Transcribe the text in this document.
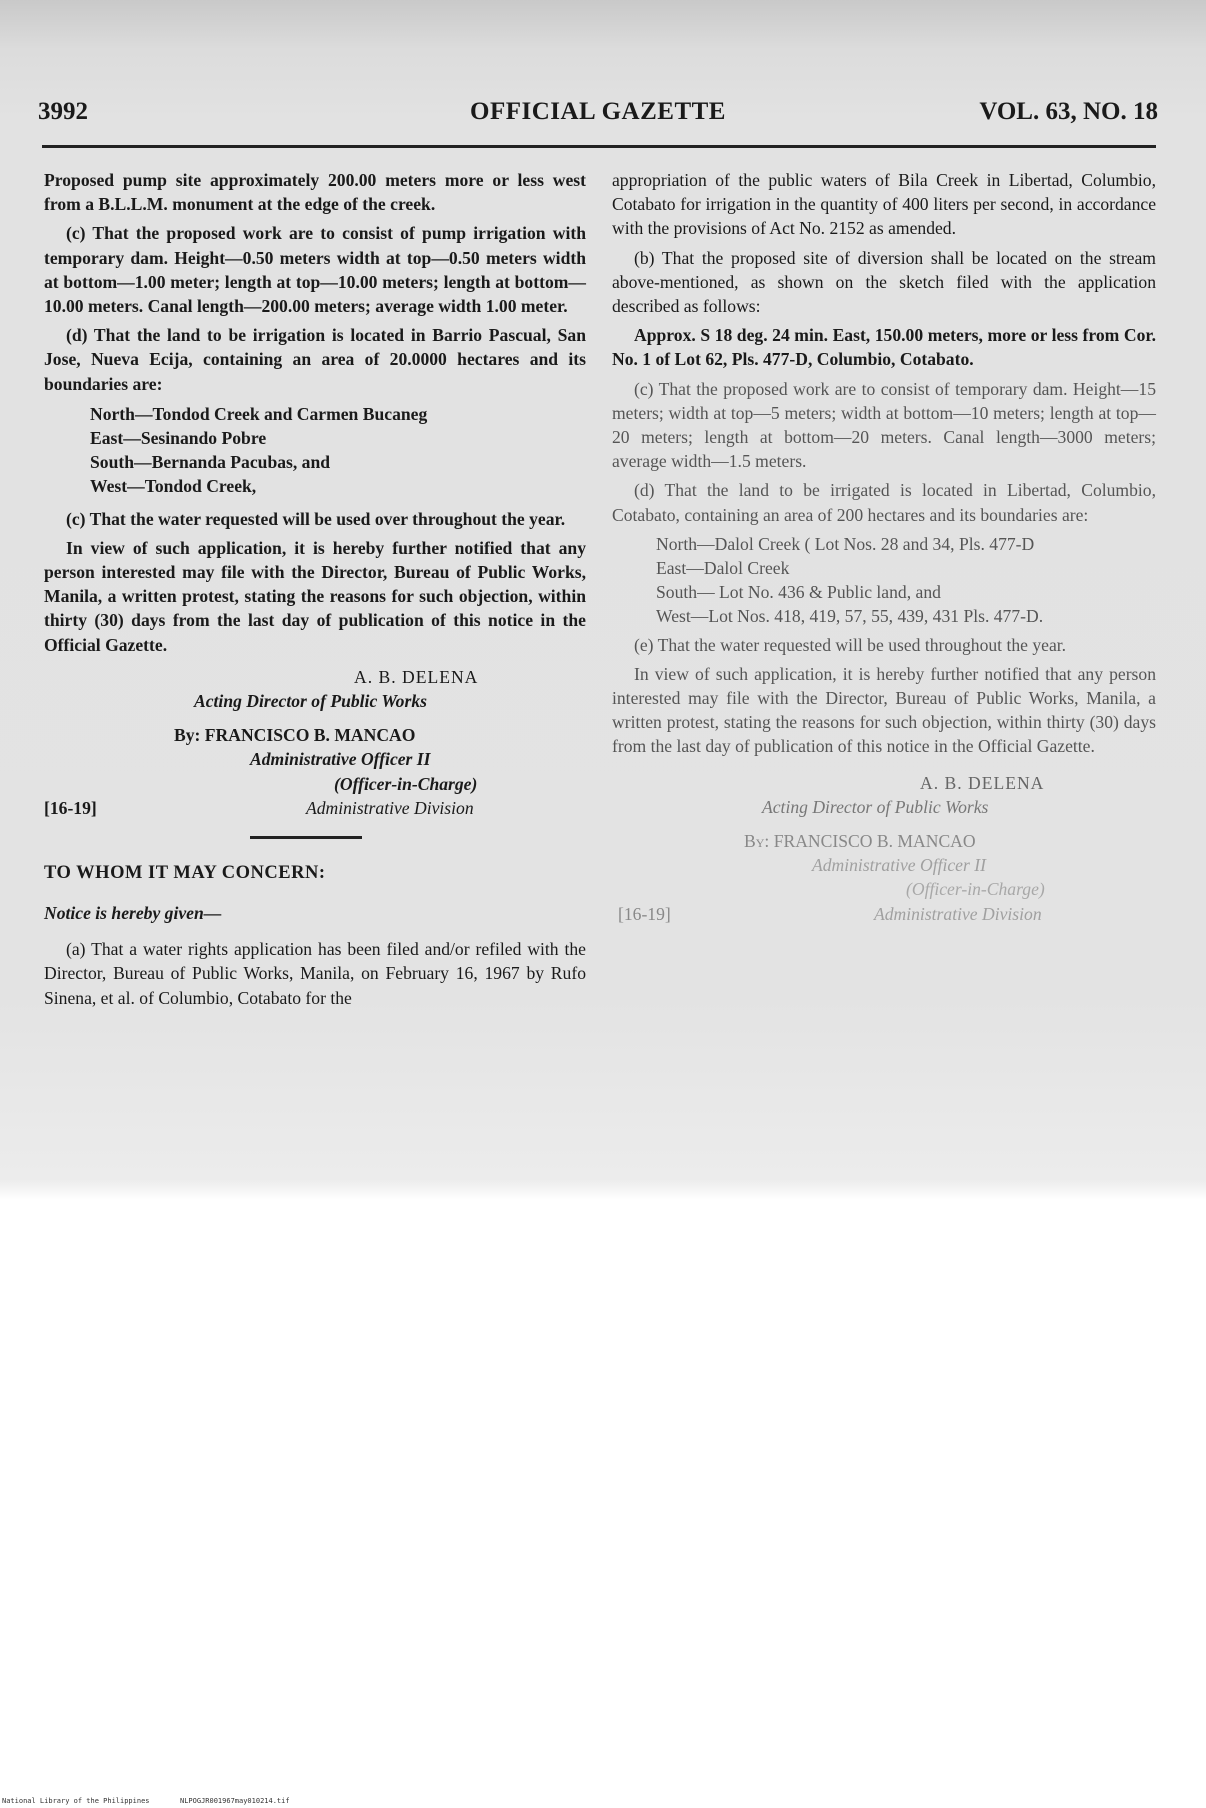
3992	OFFICIAL GAZETTE	VOL. 63, NO. 18

Proposed pump site approximately 200.00 meters more or less west from a B.L.L.M. monument at the edge of the creek.

(c) That the proposed work are to consist of pump irrigation with temporary dam. Height—0.50 meters width at top—0.50 meters width at bottom—1.00 meter; length at top—10.00 meters; length at bottom—10.00 meters. Canal length—200.00 meters; average width 1.00 meter.

(d) That the land to be irrigation is located in Barrio Pascual, San Jose, Nueva Ecija, containing an area of 20.0000 hectares and its boundaries are:

North—Tondod Creek and Carmen Bucaneg
East—Sesinando Pobre
South—Bernanda Pacubas, and
West—Tondod Creek,

(c) That the water requested will be used over throughout the year.

In view of such application, it is hereby further notified that any person interested may file with the Director, Bureau of Public Works, Manila, a written protest, stating the reasons for such objection, within thirty (30) days from the last day of publication of this notice in the Official Gazette.

A. B. DELENA
Acting Director of Public Works
By: FRANCISCO B. MANCAO
Administrative Officer II
(Officer-in-Charge)
[16-19]	Administrative Division
TO WHOM IT MAY CONCERN:
Notice is hereby given—

(a) That a water rights application has been filed and/or refiled with the Director, Bureau of Public Works, Manila, on February 16, 1967 by Rufo Sinena, et al. of Columbio, Cotabato for the

appropriation of the public waters of Bila Creek in Libertad, Columbio, Cotabato for irrigation in the quantity of 400 liters per second, in accordance with the provisions of Act No. 2152 as amended.

(b) That the proposed site of diversion shall be located on the stream above-mentioned, as shown on the sketch filed with the application described as follows:

Approx. S 18 deg. 24 min. East, 150.00 meters, more or less from Cor. No. 1 of Lot 62, Pls. 477-D, Columbio, Cotabato.

(c) That the proposed work are to consist of temporary dam. Height—15 meters; width at top—5 meters; width at bottom—10 meters; length at top—20 meters; length at bottom—20 meters. Canal length—3000 meters; average width—1.5 meters.

(d) That the land to be irrigated is located in Libertad, Columbio, Cotabato, containing an area of 200 hectares and its boundaries are:

North—Dalol Creek ( Lot Nos. 28 and 34, Pls. 477-D
East—Dalol Creek
South— Lot No. 436 & Public land, and
West—Lot Nos. 418, 419, 57, 55, 439, 431 Pls. 477-D.

(e) That the water requested will be used throughout the year.

In view of such application, it is hereby further notified that any person interested may file with the Director, Bureau of Public Works, Manila, a written protest, stating the reasons for such objection, within thirty (30) days from the last day of publication of this notice in the Official Gazette.

A. B. DELENA
Acting Director of Public Works
By: FRANCISCO B. MANCAO
Administrative Officer II
(Officer-in-Charge)
[16-19]	Administrative Division
National Library of the Philippines	NLPOGJR001967may010214.tif
